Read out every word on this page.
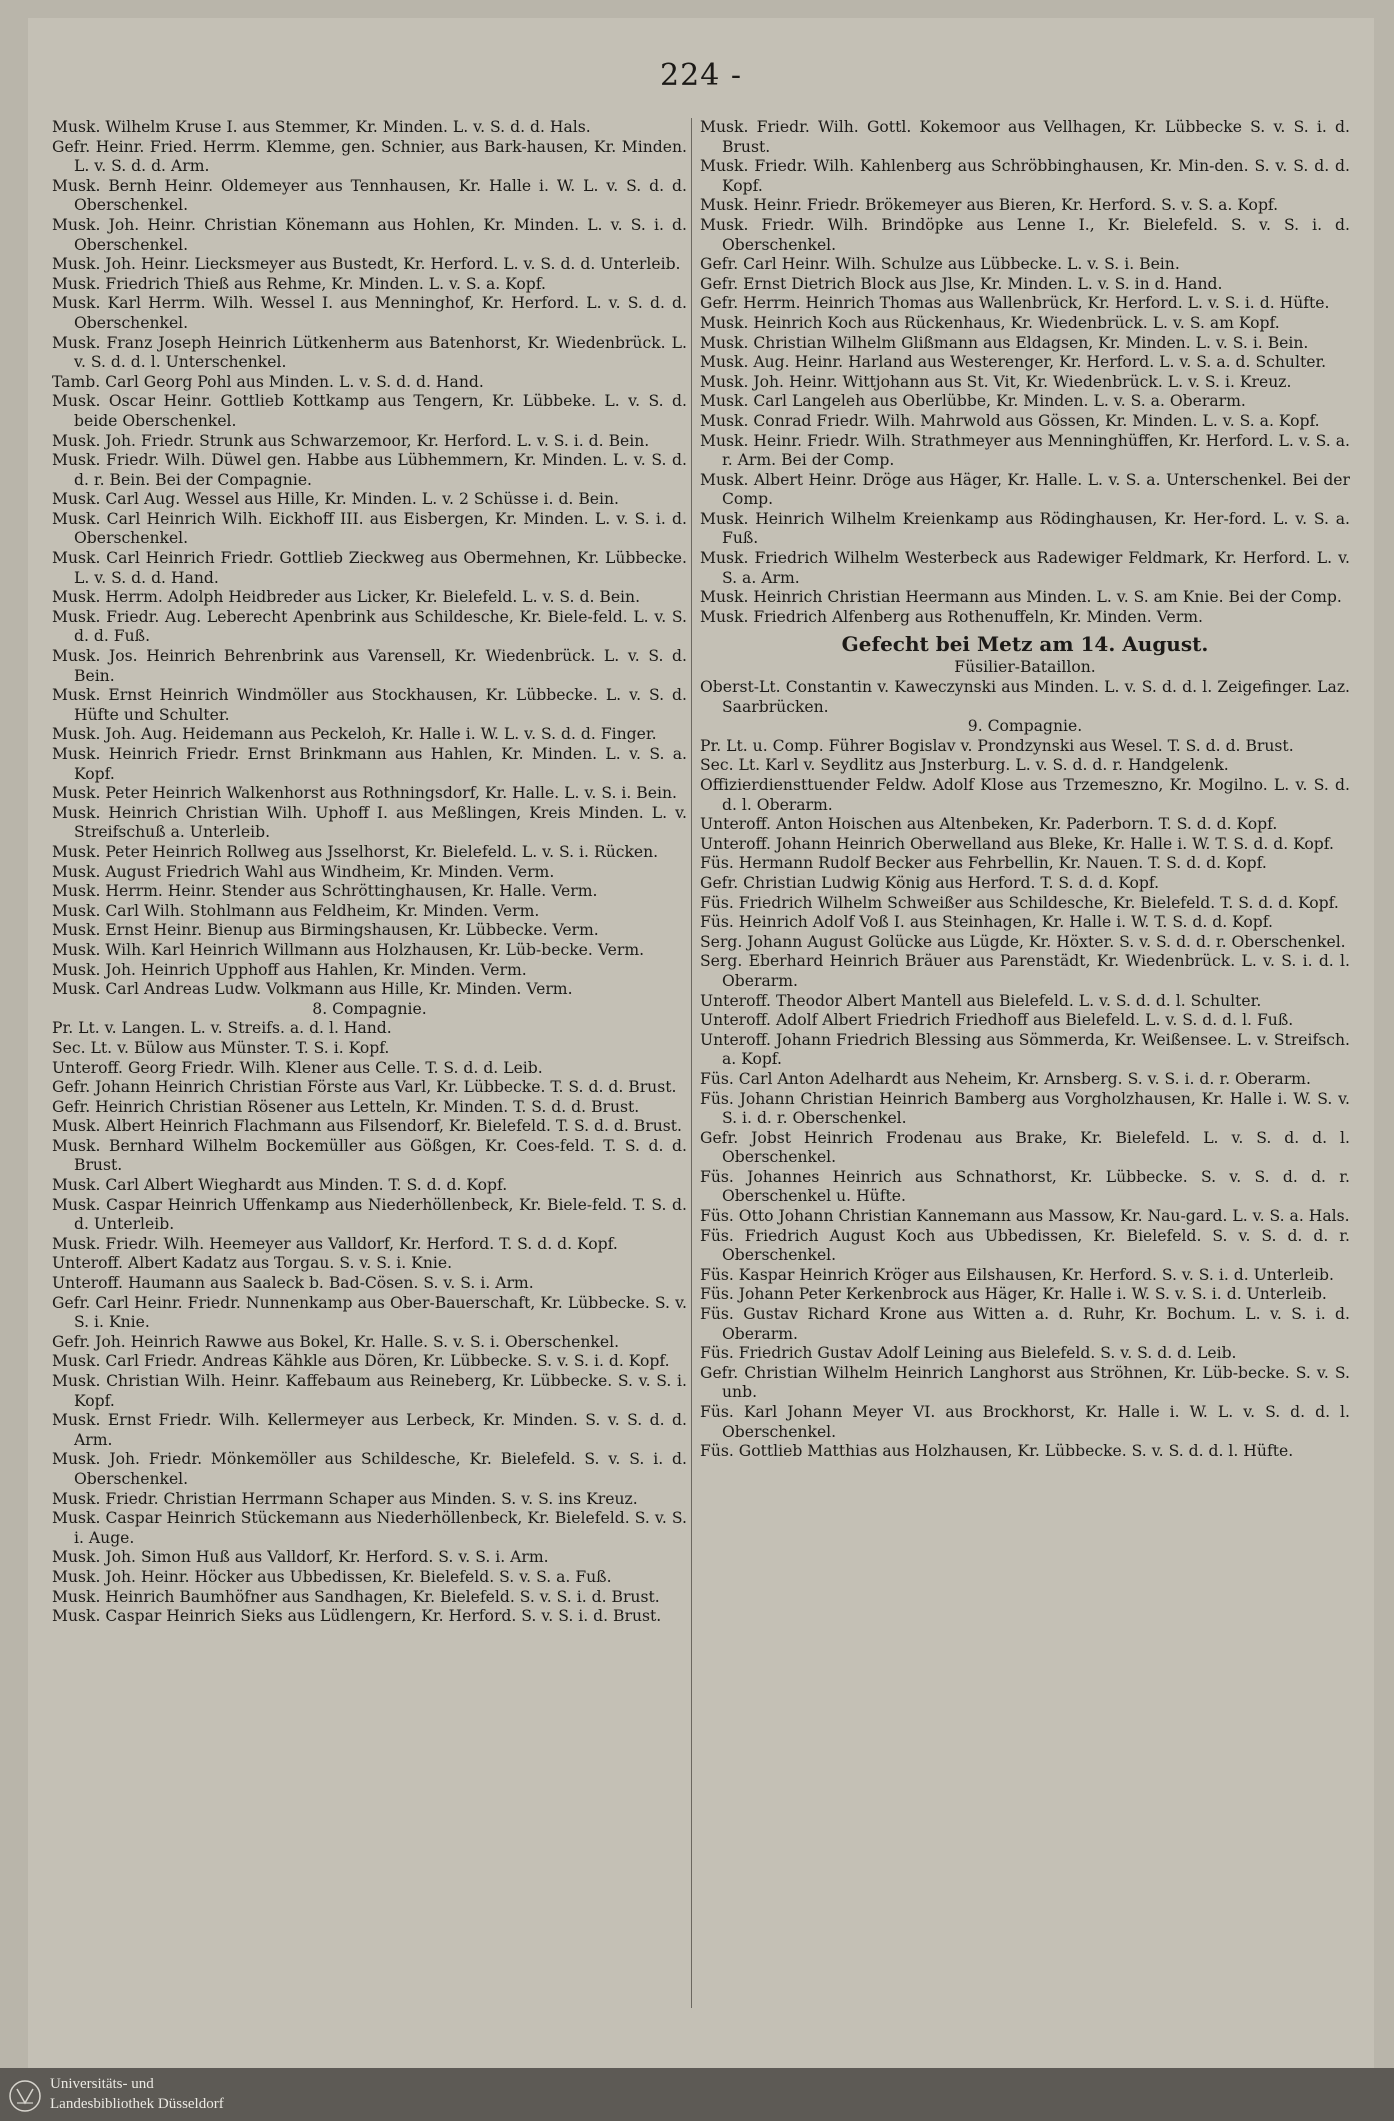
224 -

Musk. Wilhelm Kruse I. aus Stemmer, Kr. Minden. L. v. S. d. d. Hals.

Gefr. Heinr. Fried. Herrm. Klemme, gen. Schnier, aus Bark-hausen, Kr. Minden. L. v. S. d. d. Arm.

Musk. Bernh Heinr. Oldemeyer aus Tennhausen, Kr. Halle i. W. L. v. S. d. d. Oberschenkel.

Musk. Joh. Heinr. Christian Könemann aus Hohlen, Kr. Minden. L. v. S. i. d. Oberschenkel.

Musk. Joh. Heinr. Liecksmeyer aus Bustedt, Kr. Herford. L. v. S. d. d. Unterleib.

Musk. Friedrich Thieß aus Rehme, Kr. Minden. L. v. S. a. Kopf.

Musk. Karl Herrm. Wilh. Wessel I. aus Menninghof, Kr. Herford. L. v. S. d. d. Oberschenkel.

Musk. Franz Joseph Heinrich Lütkenherm aus Batenhorst, Kr. Wiedenbrück. L. v. S. d. d. l. Unterschenkel.

Tamb. Carl Georg Pohl aus Minden. L. v. S. d. d. Hand.

Musk. Oscar Heinr. Gottlieb Kottkamp aus Tengern, Kr. Lübbeke. L. v. S. d. beide Oberschenkel.

Musk. Joh. Friedr. Strunk aus Schwarzemoor, Kr. Herford. L. v. S. i. d. Bein.

Musk. Friedr. Wilh. Düwel gen. Habbe aus Lübhemmern, Kr. Minden. L. v. S. d. d. r. Bein. Bei der Compagnie.

Musk. Carl Aug. Wessel aus Hille, Kr. Minden. L. v. 2 Schüsse i. d. Bein.

Musk. Carl Heinrich Wilh. Eickhoff III. aus Eisbergen, Kr. Minden. L. v. S. i. d. Oberschenkel.

Musk. Carl Heinrich Friedr. Gottlieb Zieckweg aus Obermehnen, Kr. Lübbecke. L. v. S. d. d. Hand.

Musk. Herrm. Adolph Heidbreder aus Licker, Kr. Bielefeld. L. v. S. d. Bein.

Musk. Friedr. Aug. Leberecht Apenbrink aus Schildesche, Kr. Biele-feld. L. v. S. d. d. Fuß.

Musk. Jos. Heinrich Behrenbrink aus Varensell, Kr. Wiedenbrück. L. v. S. d. Bein.

Musk. Ernst Heinrich Windmöller aus Stockhausen, Kr. Lübbecke. L. v. S. d. Hüfte und Schulter.

Musk. Joh. Aug. Heidemann aus Peckeloh, Kr. Halle i. W. L. v. S. d. d. Finger.

Musk. Heinrich Friedr. Ernst Brinkmann aus Hahlen, Kr. Minden. L. v. S. a. Kopf.

Musk. Peter Heinrich Walkenhorst aus Rothningsdorf, Kr. Halle. L. v. S. i. Bein.

Musk. Heinrich Christian Wilh. Uphoff I. aus Meßlingen, Kreis Minden. L. v. Streifschuß a. Unterleib.

Musk. Peter Heinrich Rollweg aus Jsselhorst, Kr. Bielefeld. L. v. S. i. Rücken.

Musk. August Friedrich Wahl aus Windheim, Kr. Minden. Verm.

Musk. Herrm. Heinr. Stender aus Schröttinghausen, Kr. Halle. Verm.

Musk. Carl Wilh. Stohlmann aus Feldheim, Kr. Minden. Verm.

Musk. Ernst Heinr. Bienup aus Birmingshausen, Kr. Lübbecke. Verm.

Musk. Wilh. Karl Heinrich Willmann aus Holzhausen, Kr. Lüb-becke. Verm.

Musk. Joh. Heinrich Upphoff aus Hahlen, Kr. Minden. Verm.

Musk. Carl Andreas Ludw. Volkmann aus Hille, Kr. Minden. Verm.

8. Compagnie.

Pr. Lt. v. Langen. L. v. Streifs. a. d. l. Hand.

Sec. Lt. v. Bülow aus Münster. T. S. i. Kopf.

Unteroff. Georg Friedr. Wilh. Klener aus Celle. T. S. d. d. Leib.

Gefr. Johann Heinrich Christian Förste aus Varl, Kr. Lübbecke. T. S. d. d. Brust.

Gefr. Heinrich Christian Rösener aus Letteln, Kr. Minden. T. S. d. d. Brust.

Musk. Albert Heinrich Flachmann aus Filsendorf, Kr. Bielefeld. T. S. d. d. Brust.

Musk. Bernhard Wilhelm Bockemüller aus Gößgen, Kr. Coes-feld. T. S. d. d. Brust.

Musk. Carl Albert Wieghardt aus Minden. T. S. d. d. Kopf.

Musk. Caspar Heinrich Uffenkamp aus Niederhöllenbeck, Kr. Biele-feld. T. S. d. d. Unterleib.

Musk. Friedr. Wilh. Heemeyer aus Valldorf, Kr. Herford. T. S. d. d. Kopf.

Unteroff. Albert Kadatz aus Torgau. S. v. S. i. Knie.

Unteroff. Haumann aus Saaleck b. Bad-Cösen. S. v. S. i. Arm.

Gefr. Carl Heinr. Friedr. Nunnenkamp aus Ober-Bauerschaft, Kr. Lübbecke. S. v. S. i. Knie.

Gefr. Joh. Heinrich Rawwe aus Bokel, Kr. Halle. S. v. S. i. Oberschenkel.

Musk. Carl Friedr. Andreas Kähkle aus Dören, Kr. Lübbecke. S. v. S. i. d. Kopf.

Musk. Christian Wilh. Heinr. Kaffebaum aus Reineberg, Kr. Lübbecke. S. v. S. i. Kopf.

Musk. Ernst Friedr. Wilh. Kellermeyer aus Lerbeck, Kr. Minden. S. v. S. d. d. Arm.

Musk. Joh. Friedr. Mönkemöller aus Schildesche, Kr. Bielefeld. S. v. S. i. d. Oberschenkel.

Musk. Friedr. Christian Herrmann Schaper aus Minden. S. v. S. ins Kreuz.

Musk. Caspar Heinrich Stückemann aus Niederhöllenbeck, Kr. Bielefeld. S. v. S. i. Auge.

Musk. Joh. Simon Huß aus Valldorf, Kr. Herford. S. v. S. i. Arm.

Musk. Joh. Heinr. Höcker aus Ubbedissen, Kr. Bielefeld. S. v. S. a. Fuß.

Musk. Heinrich Baumhöfner aus Sandhagen, Kr. Bielefeld. S. v. S. i. d. Brust.

Musk. Caspar Heinrich Sieks aus Lüdlengern, Kr. Herford. S. v. S. i. d. Brust.

Musk. Friedr. Wilh. Gottl. Kokemoor aus Vellhagen, Kr. Lübbecke S. v. S. i. d. Brust.

Musk. Friedr. Wilh. Kahlenberg aus Schröbbinghausen, Kr. Min-den. S. v. S. d. d. Kopf.

Musk. Heinr. Friedr. Brökemeyer aus Bieren, Kr. Herford. S. v. S. a. Kopf.

Musk. Friedr. Wilh. Brindöpke aus Lenne I., Kr. Bielefeld. S. v. S. i. d. Oberschenkel.

Gefr. Carl Heinr. Wilh. Schulze aus Lübbecke. L. v. S. i. Bein.

Gefr. Ernst Dietrich Block aus Jlse, Kr. Minden. L. v. S. in d. Hand.

Gefr. Herrm. Heinrich Thomas aus Wallenbrück, Kr. Herford. L. v. S. i. d. Hüfte.

Musk. Heinrich Koch aus Rückenhaus, Kr. Wiedenbrück. L. v. S. am Kopf.

Musk. Christian Wilhelm Glißmann aus Eldagsen, Kr. Minden. L. v. S. i. Bein.

Musk. Aug. Heinr. Harland aus Westerenger, Kr. Herford. L. v. S. a. d. Schulter.

Musk. Joh. Heinr. Wittjohann aus St. Vit, Kr. Wiedenbrück. L. v. S. i. Kreuz.

Musk. Carl Langeleh aus Oberlübbe, Kr. Minden. L. v. S. a. Oberarm.

Musk. Conrad Friedr. Wilh. Mahrwold aus Gössen, Kr. Minden. L. v. S. a. Kopf.

Musk. Heinr. Friedr. Wilh. Strathmeyer aus Menninghüffen, Kr. Herford. L. v. S. a. r. Arm. Bei der Comp.

Musk. Albert Heinr. Dröge aus Häger, Kr. Halle. L. v. S. a. Unterschenkel. Bei der Comp.

Musk. Heinrich Wilhelm Kreienkamp aus Rödinghausen, Kr. Her-ford. L. v. S. a. Fuß.

Musk. Friedrich Wilhelm Westerbeck aus Radewiger Feldmark, Kr. Herford. L. v. S. a. Arm.

Musk. Heinrich Christian Heermann aus Minden. L. v. S. am Knie. Bei der Comp.

Musk. Friedrich Alfenberg aus Rothenuffeln, Kr. Minden. Verm.

Gefecht bei Metz am 14. August.

Füsilier-Bataillon.

Oberst-Lt. Constantin v. Kaweczynski aus Minden. L. v. S. d. d. l. Zeigefinger. Laz. Saarbrücken.

9. Compagnie.

Pr. Lt. u. Comp. Führer Bogislav v. Prondzynski aus Wesel. T. S. d. d. Brust.

Sec. Lt. Karl v. Seydlitz aus Jnsterburg. L. v. S. d. d. r. Handgelenk.

Offizierdiensttuender Feldw. Adolf Klose aus Trzemeszno, Kr. Mogilno. L. v. S. d. d. l. Oberarm.

Unteroff. Anton Hoischen aus Altenbeken, Kr. Paderborn. T. S. d. d. Kopf.

Unteroff. Johann Heinrich Oberwelland aus Bleke, Kr. Halle i. W. T. S. d. d. Kopf.

Füs. Hermann Rudolf Becker aus Fehrbellin, Kr. Nauen. T. S. d. d. Kopf.

Gefr. Christian Ludwig König aus Herford. T. S. d. d. Kopf.

Füs. Friedrich Wilhelm Schweißer aus Schildesche, Kr. Bielefeld. T. S. d. d. Kopf.

Füs. Heinrich Adolf Voß I. aus Steinhagen, Kr. Halle i. W. T. S. d. d. Kopf.

Serg. Johann August Golücke aus Lügde, Kr. Höxter. S. v. S. d. d. r. Oberschenkel.

Serg. Eberhard Heinrich Bräuer aus Parenstädt, Kr. Wiedenbrück. L. v. S. i. d. l. Oberarm.

Unteroff. Theodor Albert Mantell aus Bielefeld. L. v. S. d. d. l. Schulter.

Unteroff. Adolf Albert Friedrich Friedhoff aus Bielefeld. L. v. S. d. d. l. Fuß.

Unteroff. Johann Friedrich Blessing aus Sömmerda, Kr. Weißensee. L. v. Streifsch. a. Kopf.

Füs. Carl Anton Adelhardt aus Neheim, Kr. Arnsberg. S. v. S. i. d. r. Oberarm.

Füs. Johann Christian Heinrich Bamberg aus Vorgholzhausen, Kr. Halle i. W. S. v. S. i. d. r. Oberschenkel.

Gefr. Jobst Heinrich Frodenau aus Brake, Kr. Bielefeld. L. v. S. d. d. l. Oberschenkel.

Füs. Johannes Heinrich aus Schnathorst, Kr. Lübbecke. S. v. S. d. d. r. Oberschenkel u. Hüfte.

Füs. Otto Johann Christian Kannemann aus Massow, Kr. Nau-gard. L. v. S. a. Hals.

Füs. Friedrich August Koch aus Ubbedissen, Kr. Bielefeld. S. v. S. d. d. r. Oberschenkel.

Füs. Kaspar Heinrich Kröger aus Eilshausen, Kr. Herford. S. v. S. i. d. Unterleib.

Füs. Johann Peter Kerkenbrock aus Häger, Kr. Halle i. W. S. v. S. i. d. Unterleib.

Füs. Gustav Richard Krone aus Witten a. d. Ruhr, Kr. Bochum. L. v. S. i. d. Oberarm.

Füs. Friedrich Gustav Adolf Leining aus Bielefeld. S. v. S. d. d. Leib.

Gefr. Christian Wilhelm Heinrich Langhorst aus Ströhnen, Kr. Lüb-becke. S. v. S. unb.

Füs. Karl Johann Meyer VI. aus Brockhorst, Kr. Halle i. W. L. v. S. d. d. l. Oberschenkel.

Füs. Gottlieb Matthias aus Holzhausen, Kr. Lübbecke. S. v. S. d. d. l. Hüfte.

Universitäts- und
Landesbibliothek Düsseldorf
